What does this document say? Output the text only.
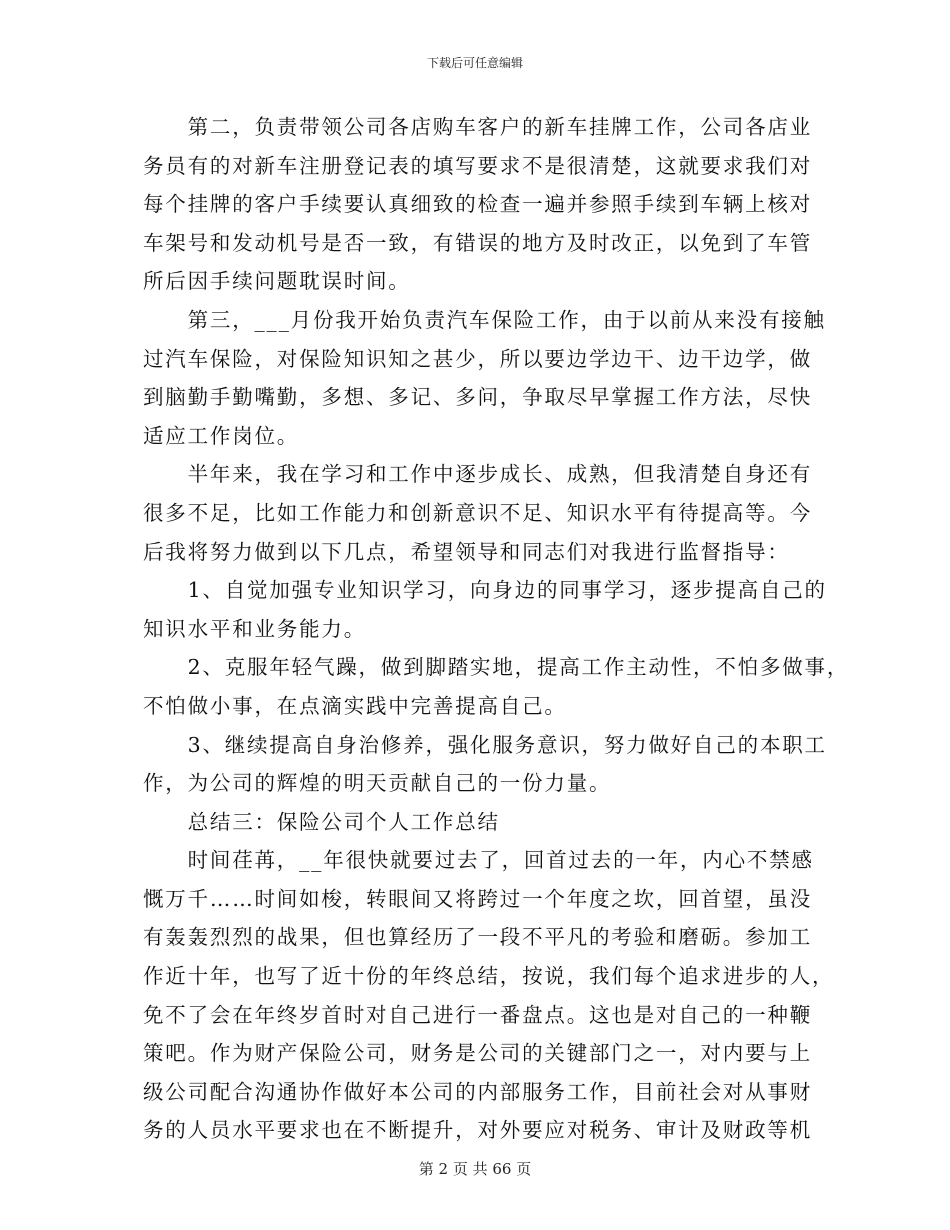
下载后可任意编辑
　　第二，负责带领公司各店购车客户的新车挂牌工作，公司各店业
务员有的对新车注册登记表的填写要求不是很清楚，这就要求我们对
每个挂牌的客户手续要认真细致的检查一遍并参照手续到车辆上核对
车架号和发动机号是否一致，有错误的地方及时改正，以免到了车管
所后因手续问题耽误时间。
　　第三，___月份我开始负责汽车保险工作，由于以前从来没有接触
过汽车保险，对保险知识知之甚少，所以要边学边干、边干边学，做
到脑勤手勤嘴勤，多想、多记、多问，争取尽早掌握工作方法，尽快
适应工作岗位。
　　半年来，我在学习和工作中逐步成长、成熟，但我清楚自身还有
很多不足，比如工作能力和创新意识不足、知识水平有待提高等。今
后我将努力做到以下几点，希望领导和同志们对我进行监督指导：
　　1、自觉加强专业知识学习，向身边的同事学习，逐步提高自己的
知识水平和业务能力。
　　2、克服年轻气躁，做到脚踏实地，提高工作主动性，不怕多做事，
不怕做小事，在点滴实践中完善提高自己。
　　3、继续提高自身治修养，强化服务意识，努力做好自己的本职工
作，为公司的辉煌的明天贡献自己的一份力量。
　　总结三：保险公司个人工作总结
　　时间荏苒，__年很快就要过去了，回首过去的一年，内心不禁感
慨万千……时间如梭，转眼间又将跨过一个年度之坎，回首望，虽没
有轰轰烈烈的战果，但也算经历了一段不平凡的考验和磨砺。参加工
作近十年，也写了近十份的年终总结，按说，我们每个追求进步的人，
免不了会在年终岁首时对自己进行一番盘点。这也是对自己的一种鞭
策吧。作为财产保险公司，财务是公司的关键部门之一，对内要与上
级公司配合沟通协作做好本公司的内部服务工作，目前社会对从事财
务的人员水平要求也在不断提升，对外要应对税务、审计及财政等机
第 2 页 共 66 页
